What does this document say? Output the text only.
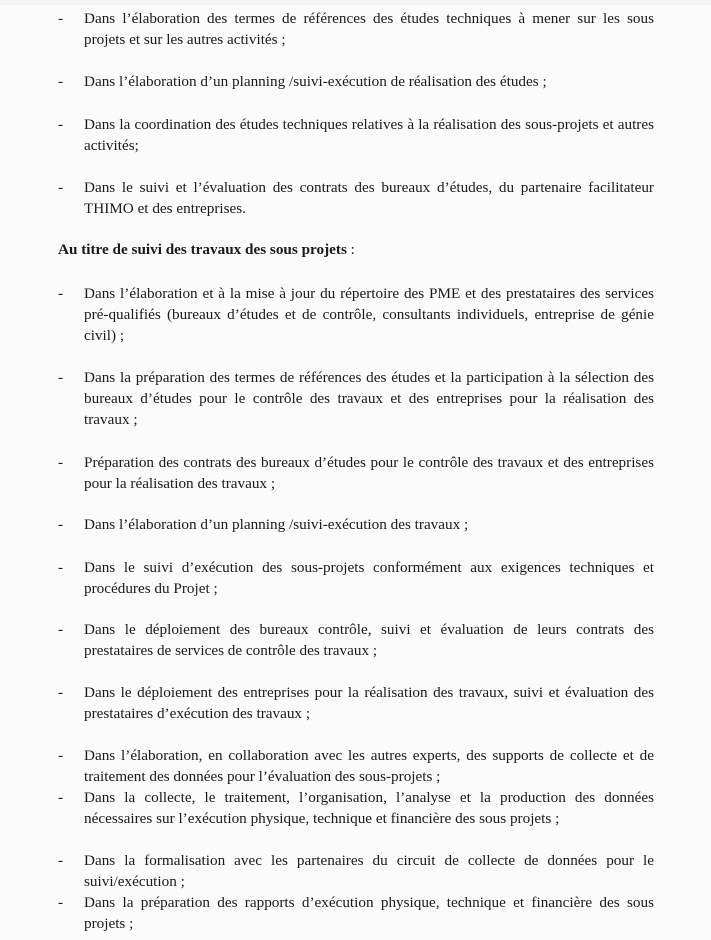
- Dans l’élaboration des termes de références des études techniques à mener sur les sous projets et sur les autres activités ;
- Dans l’élaboration d’un planning /suivi-exécution de réalisation des études ;
- Dans la coordination des études techniques relatives à la réalisation des sous-projets et autres activités;
- Dans le suivi et l’évaluation des contrats des bureaux d’études, du partenaire facilitateur THIMO et des entreprises.
Au titre de suivi des travaux des sous projets :
- Dans l’élaboration et à la mise à jour du répertoire des PME et des prestataires des services pré-qualifiés (bureaux d’études et de contrôle, consultants individuels, entreprise de génie civil) ;
- Dans la préparation des termes de références des études et la participation à la sélection des bureaux d’études pour le contrôle des travaux et des entreprises pour la réalisation des travaux ;
- Préparation des contrats des bureaux d’études pour le contrôle des travaux et des entreprises pour la réalisation des travaux ;
- Dans l’élaboration d’un planning /suivi-exécution des travaux ;
- Dans le suivi d’exécution des sous-projets conformément aux exigences techniques et procédures du Projet ;
- Dans le déploiement des bureaux contrôle, suivi et évaluation de leurs contrats des prestataires de services de contrôle des travaux ;
- Dans le déploiement des entreprises pour la réalisation des travaux, suivi et évaluation des prestataires d’exécution des travaux ;
- Dans l’élaboration, en collaboration avec les autres experts, des supports de collecte et de traitement des données pour l’évaluation des sous-projets ;
- Dans la collecte, le traitement, l’organisation, l’analyse et la production des données nécessaires sur l’exécution physique, technique et financière des sous projets ;
- Dans la formalisation avec les partenaires du circuit de collecte de données pour le suivi/exécution ;
- Dans la préparation des rapports d’exécution physique, technique et financière des sous projets ;
